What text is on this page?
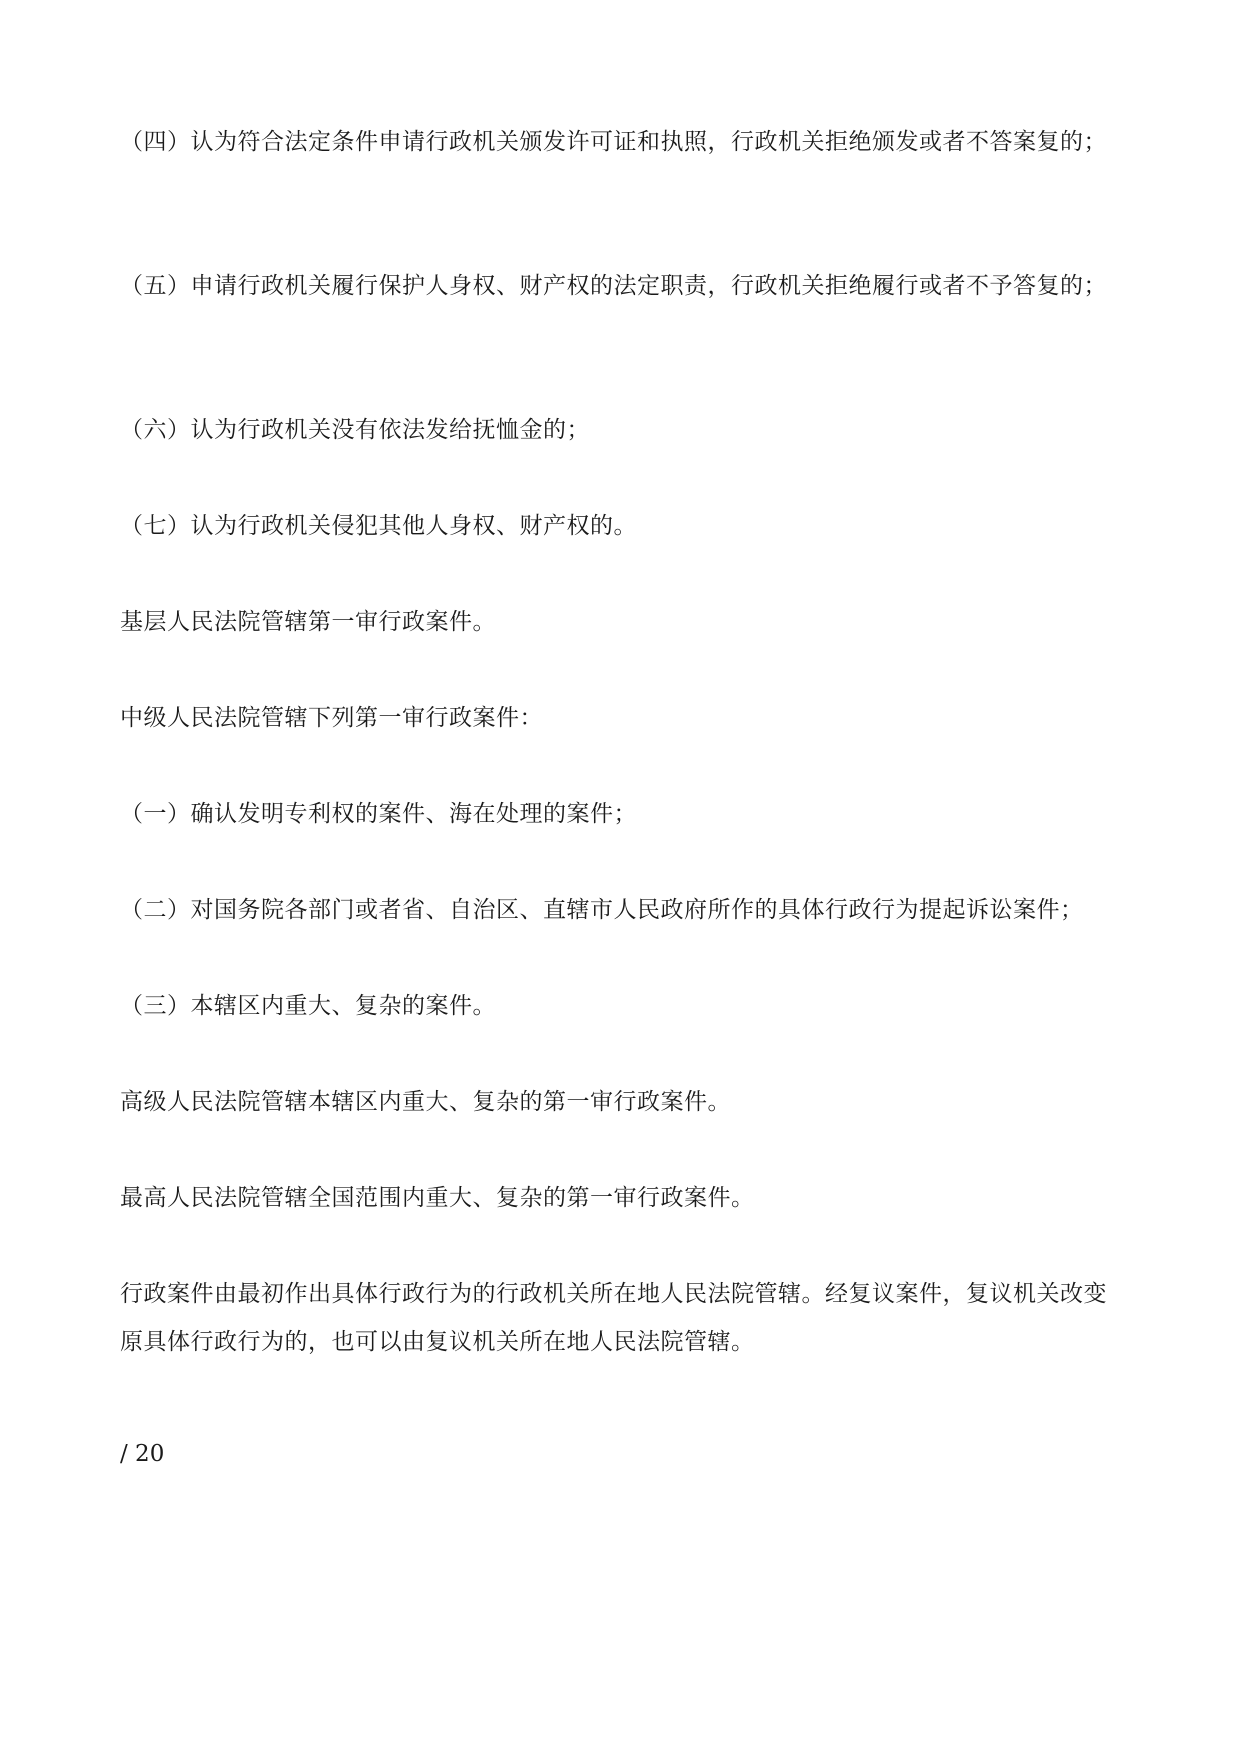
（四）认为符合法定条件申请行政机关颁发许可证和执照，行政机关拒绝颁发或者不答案复的；

（五）申请行政机关履行保护人身权、财产权的法定职责，行政机关拒绝履行或者不予答复的；

（六）认为行政机关没有依法发给抚恤金的；

（七）认为行政机关侵犯其他人身权、财产权的。

基层人民法院管辖第一审行政案件。

中级人民法院管辖下列第一审行政案件：

（一）确认发明专利权的案件、海在处理的案件；

（二）对国务院各部门或者省、自治区、直辖市人民政府所作的具体行政行为提起诉讼案件；

（三）本辖区内重大、复杂的案件。

高级人民法院管辖本辖区内重大、复杂的第一审行政案件。

最高人民法院管辖全国范围内重大、复杂的第一审行政案件。

行政案件由最初作出具体行政行为的行政机关所在地人民法院管辖。经复议案件，复议机关改变原具体行政行为的，也可以由复议机关所在地人民法院管辖。

/ 20
